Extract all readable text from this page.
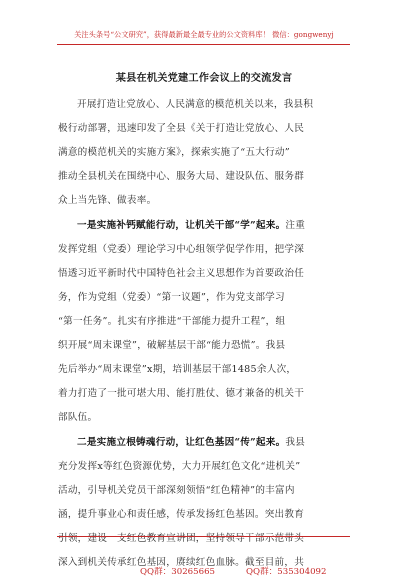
关注头条号“公文研究”，获得最新最全最专业的公文资料库！ 微信：gongwenyj
某县在机关党建工作会议上的交流发言
开展打造让党放心、人民满意的模范机关以来，我县积
极行动部署，迅速印发了全县《关于打造让党放心、人民
满意的模范机关的实施方案》，探索实施了“五大行动”
推动全县机关在围绕中心、服务大局、建设队伍、服务群
众上当先锋、做表率。
一是实施补钙赋能行动，让机关干部“学”起来。注重
发挥党组（党委）理论学习中心组领学促学作用，把学深
悟透习近平新时代中国特色社会主义思想作为首要政治任
务，作为党组（党委）“第一议题”，作为党支部学习
“第一任务”。扎实有序推进“干部能力提升工程”，组
织开展“周末课堂”，破解基层干部“能力恐慌”。我县
先后举办“周末课堂”x期，培训基层干部1485余人次，
着力打造了一批可堪大用、能打胜仗、德才兼备的机关干
部队伍。
二是实施立根铸魂行动，让红色基因“传”起来。我县
充分发挥x等红色资源优势，大力开展红色文化“进机关”
活动，引导机关党员干部深刻领悟“红色精神”的丰富内
涵，提升事业心和责任感，传承发扬红色基因。突出教育
引领，建设一支红色教育宣讲团，坚持领导干部示范带头
深入到机关传承红色基因，赓续红色血脉。截至目前，共
QQ群：30265665	QQ群：535304092
